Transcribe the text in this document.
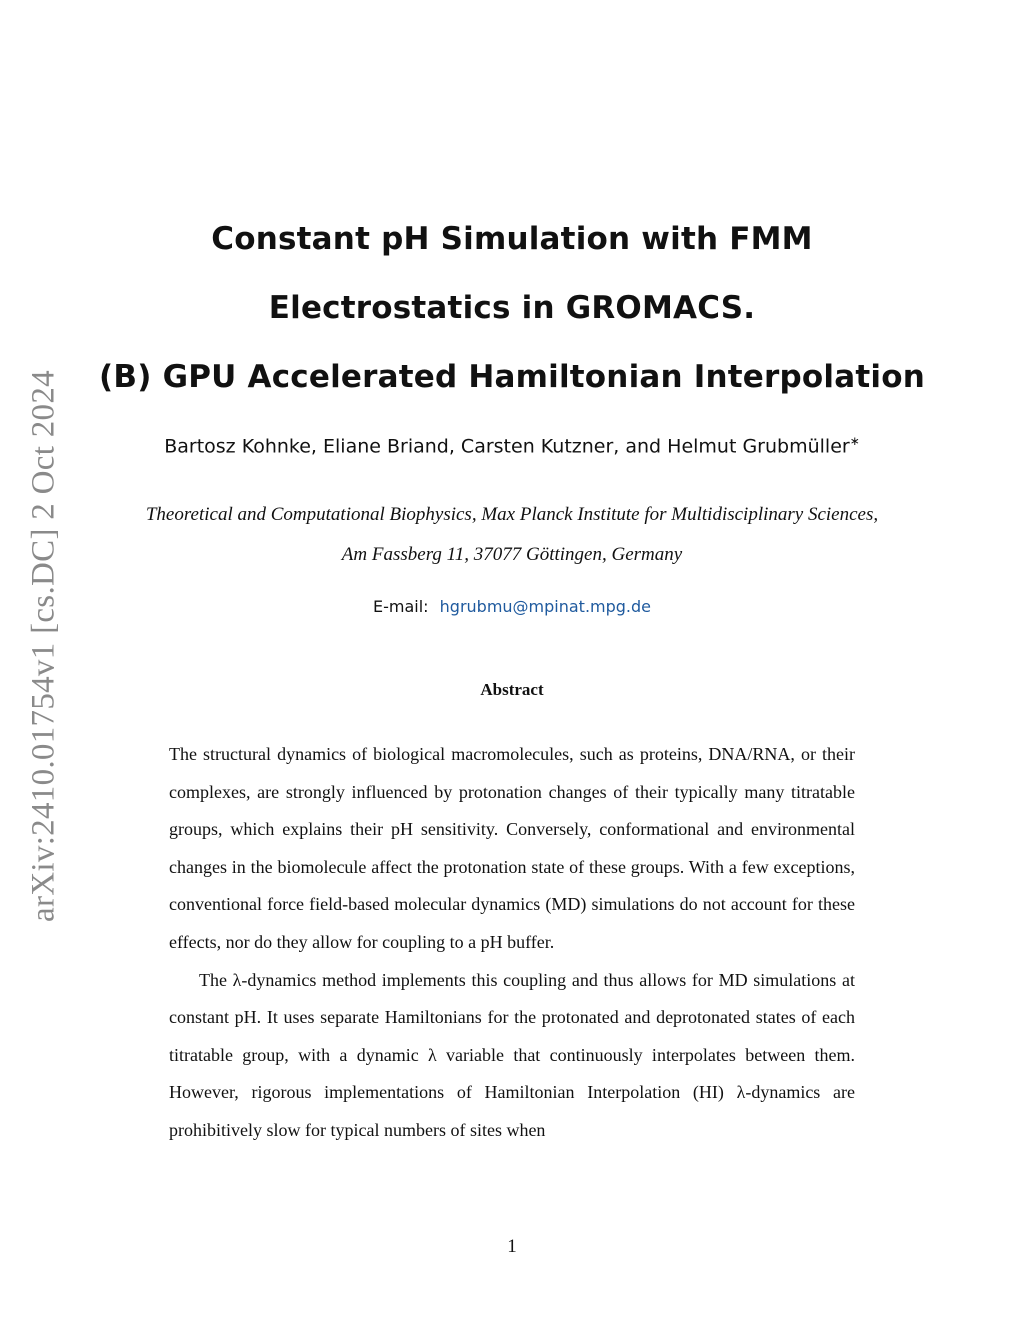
arXiv:2410.01754v1 [cs.DC] 2 Oct 2024
Constant pH Simulation with FMM
Electrostatics in GROMACS.
(B) GPU Accelerated Hamiltonian Interpolation
Bartosz Kohnke, Eliane Briand, Carsten Kutzner, and Helmut Grubmüller∗
Theoretical and Computational Biophysics, Max Planck Institute for Multidisciplinary Sciences,
Am Fassberg 11, 37077 Göttingen, Germany
E-mail: hgrubmu@mpinat.mpg.de
Abstract

The structural dynamics of biological macromolecules, such as proteins, DNA/RNA, or their complexes, are strongly influenced by protonation changes of their typically many titratable groups, which explains their pH sensitivity. Conversely, conformational and environmental changes in the biomolecule affect the protonation state of these groups. With a few exceptions, conventional force field-based molecular dynamics (MD) simulations do not account for these effects, nor do they allow for coupling to a pH buffer.

The λ-dynamics method implements this coupling and thus allows for MD simulations at constant pH. It uses separate Hamiltonians for the protonated and deprotonated states of each titratable group, with a dynamic λ variable that continuously interpolates between them. However, rigorous implementations of Hamiltonian Interpolation (HI) λ-dynamics are prohibitively slow for typical numbers of sites when

1
